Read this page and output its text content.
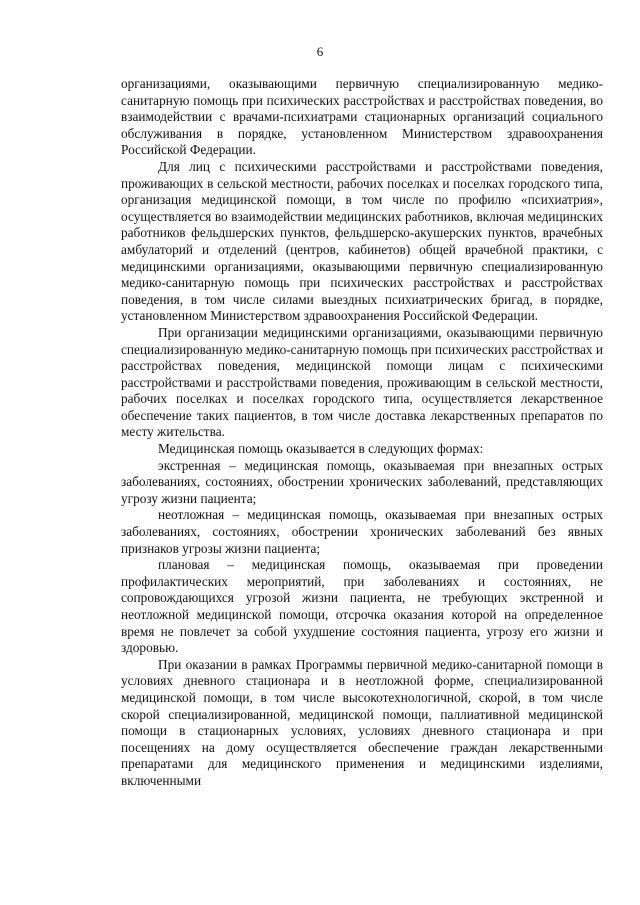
6

организациями, оказывающими первичную специализированную медико-санитарную помощь при психических расстройствах и расстройствах поведения, во взаимодействии с врачами-психиатрами стационарных организаций социального обслуживания в порядке, установленном Министерством здравоохранения Российской Федерации.

Для лиц с психическими расстройствами и расстройствами поведения, проживающих в сельской местности, рабочих поселках и поселках городского типа, организация медицинской помощи, в том числе по профилю «психиатрия», осуществляется во взаимодействии медицинских работников, включая медицинских работников фельдшерских пунктов, фельдшерско-акушерских пунктов, врачебных амбулаторий и отделений (центров, кабинетов) общей врачебной практики, с медицинскими организациями, оказывающими первичную специализированную медико-санитарную помощь при психических расстройствах и расстройствах поведения, в том числе силами выездных психиатрических бригад, в порядке, установленном Министерством здравоохранения Российской Федерации.

При организации медицинскими организациями, оказывающими первичную специализированную медико-санитарную помощь при психических расстройствах и расстройствах поведения, медицинской помощи лицам с психическими расстройствами и расстройствами поведения, проживающим в сельской местности, рабочих поселках и поселках городского типа, осуществляется лекарственное обеспечение таких пациентов, в том числе доставка лекарственных препаратов по месту жительства.

Медицинская помощь оказывается в следующих формах:

экстренная – медицинская помощь, оказываемая при внезапных острых заболеваниях, состояниях, обострении хронических заболеваний, представляющих угрозу жизни пациента;

неотложная – медицинская помощь, оказываемая при внезапных острых заболеваниях, состояниях, обострении хронических заболеваний без явных признаков угрозы жизни пациента;

плановая – медицинская помощь, оказываемая при проведении профилактических мероприятий, при заболеваниях и состояниях, не сопровождающихся угрозой жизни пациента, не требующих экстренной и неотложной медицинской помощи, отсрочка оказания которой на определенное время не повлечет за собой ухудшение состояния пациента, угрозу его жизни и здоровью.

При оказании в рамках Программы первичной медико-санитарной помощи в условиях дневного стационара и в неотложной форме, специализированной медицинской помощи, в том числе высокотехнологичной, скорой, в том числе скорой специализированной, медицинской помощи, паллиативной медицинской помощи в стационарных условиях, условиях дневного стационара и при посещениях на дому осуществляется обеспечение граждан лекарственными препаратами для медицинского применения и медицинскими изделиями, включенными
